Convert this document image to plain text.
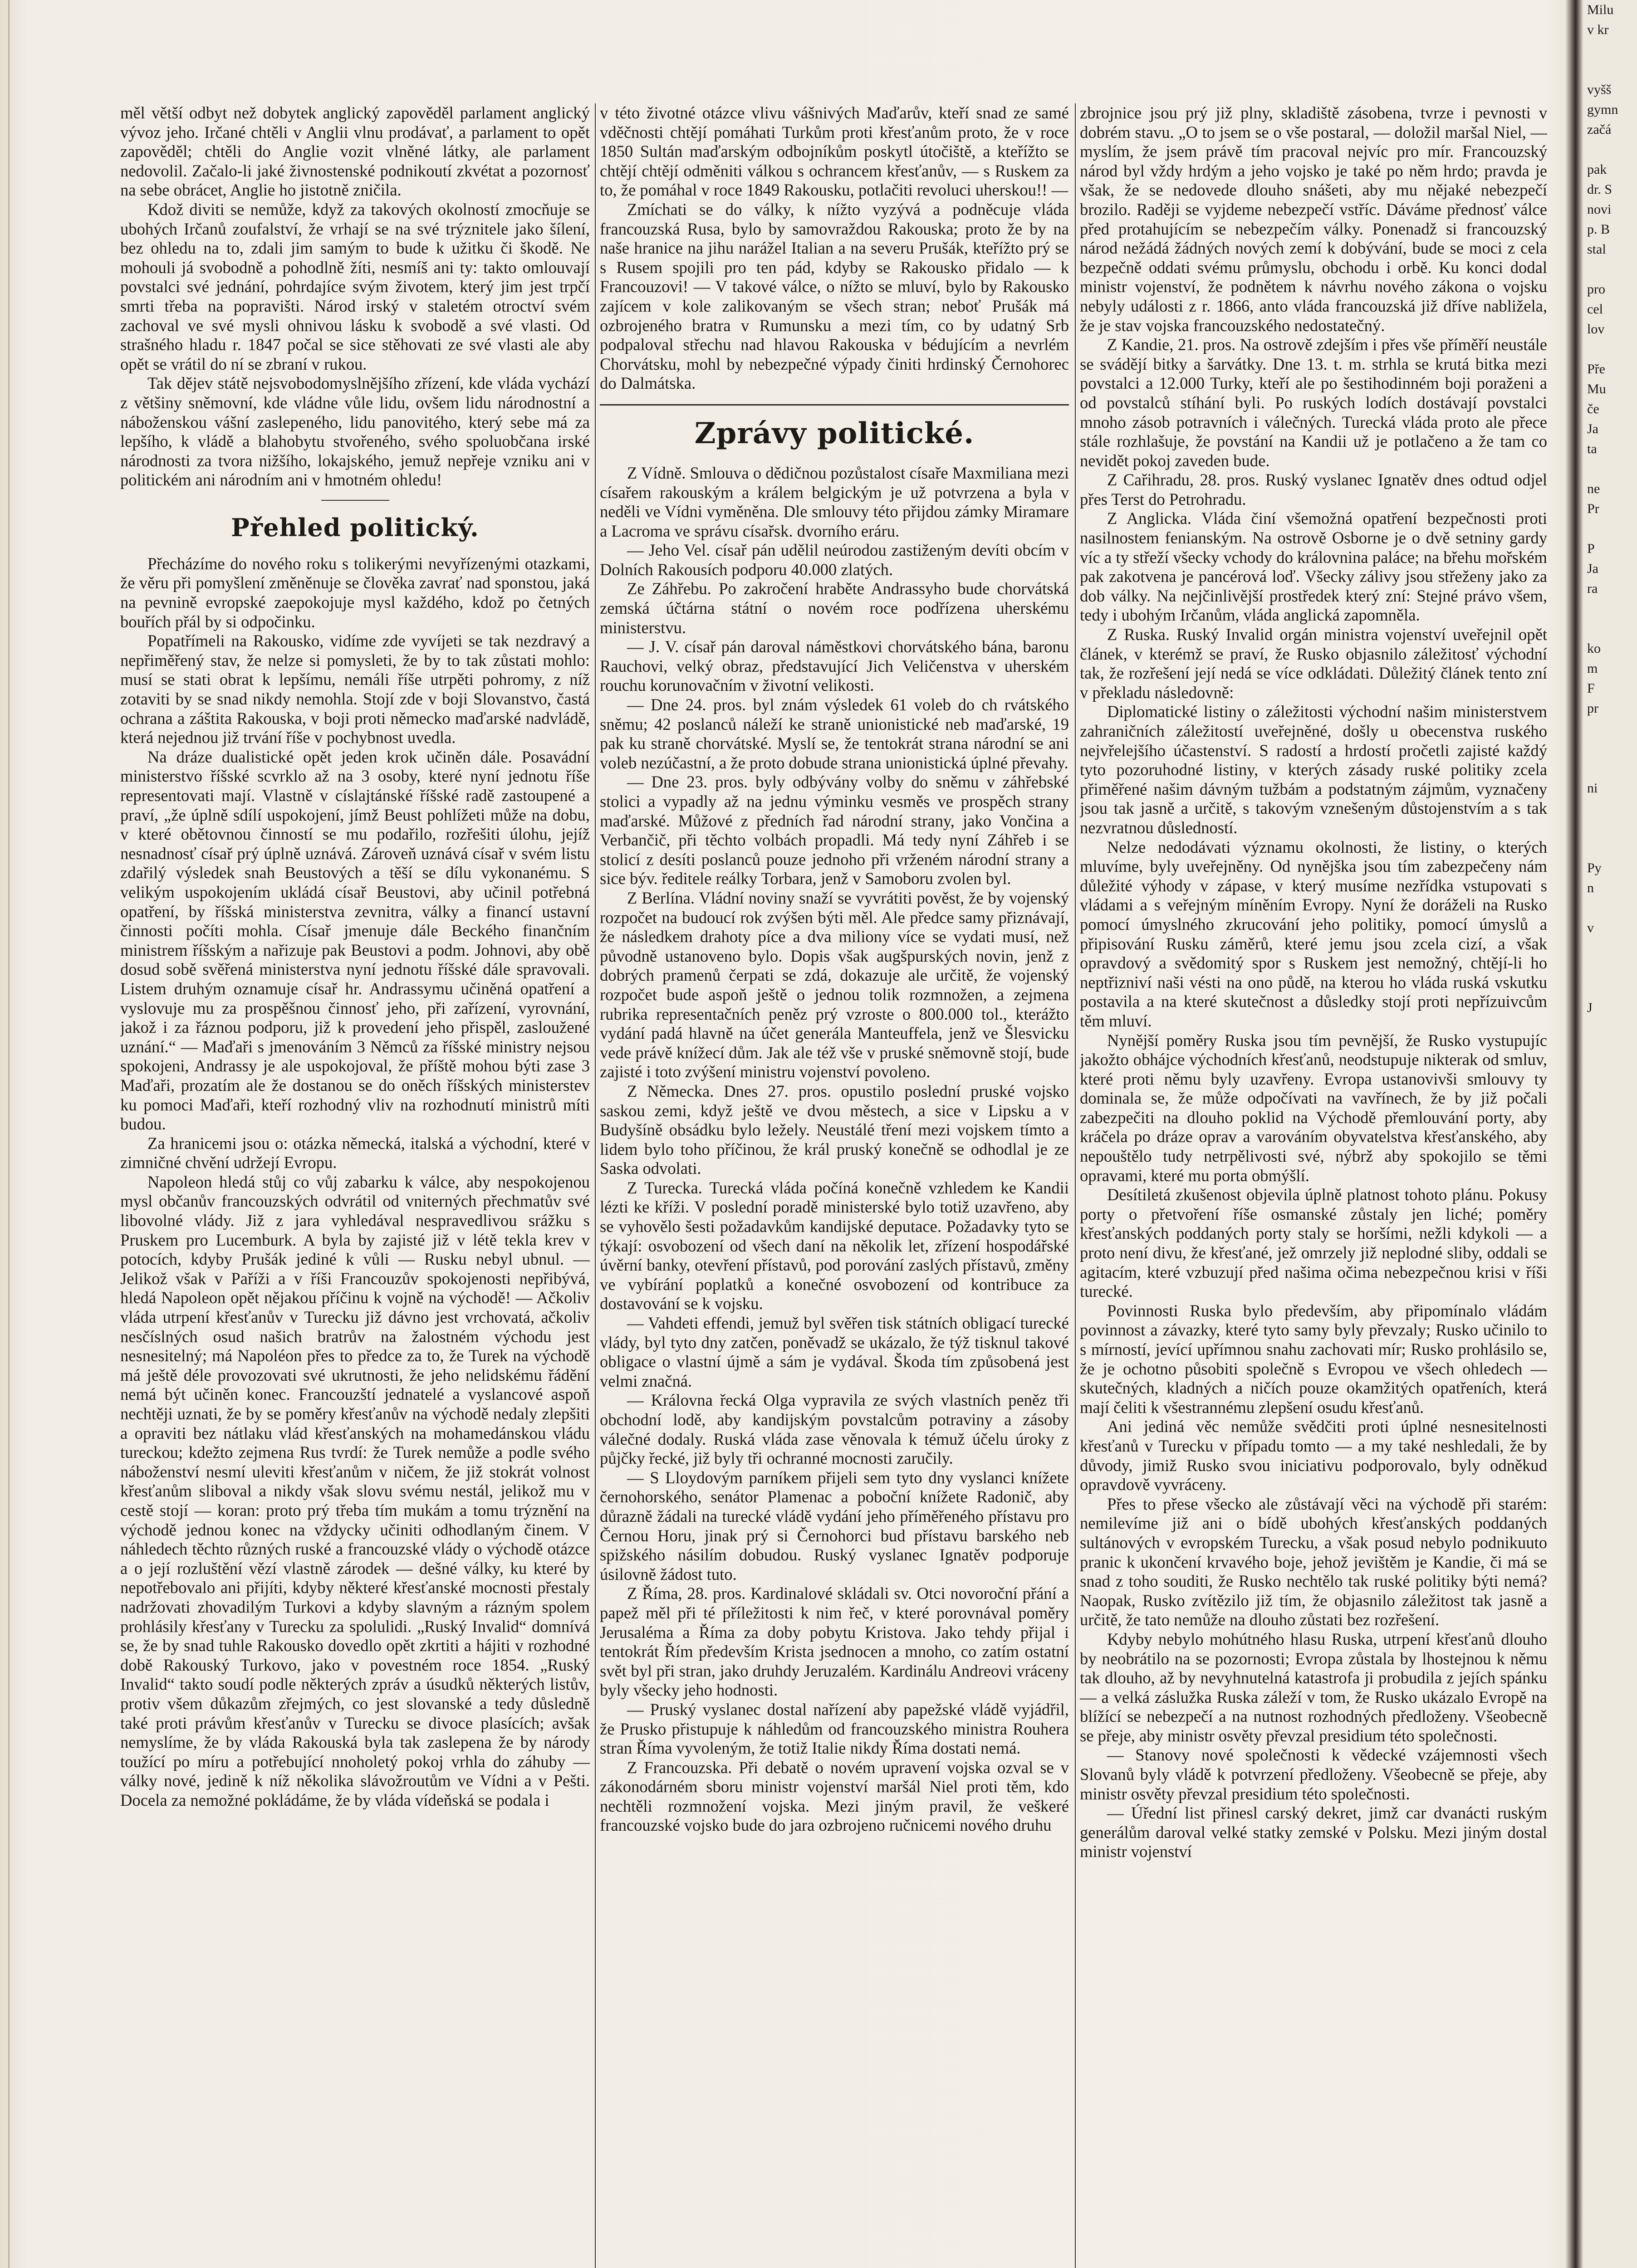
měl větší odbyt než dobytek anglický zapověděl parlament anglický vývoz jeho. Irčané chtěli v Anglii vlnu prodávať, a parlament to opět zapověděl; chtěli do Anglie vozit vlněné látky, ale parlament nedovolil. Začalo-li jaké živnostenské podnikoutí zkvétat a pozornosť na sebe obrácet, Anglie ho jistotně zničila.

Kdož diviti se nemůže, když za takových okolností zmocňuje se ubohých Irčanů zoufalství, že vrhají se na své trýznitele jako šílení, bez ohledu na to, zdali jim samým to bude k užitku či škodě. Ne mohouli já svobodně a pohodlně žíti, nesmíš ani ty: takto omlouvají povstalci své jednání, pohrdajíce svým životem, který jim jest trpčí smrti třeba na popravišti. Národ irský v staletém otroctví svém zachoval ve své mysli ohnivou lásku k svobodě a své vlasti. Od strašného hladu r. 1847 počal se sice stěhovati ze své vlasti ale aby opět se vrátil do ní se zbraní v rukou.

Tak dějev státě nejsvobodomyslnějšího zřízení, kde vláda vychází z většiny sněmovní, kde vládne vůle lidu, ovšem lidu národnostní a náboženskou vášní zaslepeného, lidu panovitého, který sebe má za lepšího, k vládě a blahobytu stvořeného, svého spoluobčana irské národnosti za tvora nižšího, lokajského, jemuž nepřeje vzniku ani v politickém ani národním ani v hmotném ohledu!

Přehled politický.

Přecházíme do nového roku s tolikerými nevyřízenými otazkami, že věru při pomyšlení změněnuje se člověka zavrať nad sponstou, jaká na pevnině evropské zaepokojuje mysl každého, kdož po četných bouřích přál by si odpočinku.

Popatřímeli na Rakousko, vidíme zde vyvíjeti se tak nezdravý a nepřiměřený stav, že nelze si pomysleti, že by to tak zůstati mohlo: musí se stati obrat k lepšímu, nemáli říše utrpěti pohromy, z níž zotaviti by se snad nikdy nemohla. Stojí zde v boji Slovanstvo, častá ochrana a záštita Rakouska, v boji proti německo maďarské nadvládě, která nejednou již trvání říše v pochybnost uvedla.

Na dráze dualistické opět jeden krok učiněn dále. Posavádní ministerstvo říšské scvrklo až na 3 osoby, které nyní jednotu říše representovati mají. Vlastně v císlajtánské říšské radě zastoupené a praví, „že úplně sdílí uspokojení, jímž Beust pohlížeti může na dobu, v které obětovnou činností se mu podařilo, rozřešiti úlohu, jejíž nesnadnosť císař prý úplně uznává. Zároveň uznává císař v svém listu zdařilý výsledek snah Beustových a těší se dílu vykonanému. S velikým uspokojením ukládá císař Beustovi, aby učinil potřebná opatření, by říšská ministerstva zevnitra, války a financí ustavní činnosti počíti mohla. Císař jmenuje dále Beckého finančním ministrem říšským a nařizuje pak Beustovi a podm. Johnovi, aby obě dosud sobě svěřená ministerstva nyní jednotu říšské dále spravovali. Listem druhým oznamuje císař hr. Andrassymu učiněná opatření a vyslovuje mu za prospěšnou činnosť jeho, při zařízení, vyrovnání, jakož i za řáznou podporu, již k provedení jeho přispěl, zasloužené uznání.“ — Maďaři s jmenováním 3 Němců za říšské ministry nejsou spokojeni, Andrassy je ale uspokojoval, že příště mohou býti zase 3 Maďaři, prozatím ale že dostanou se do oněch říšských ministerstev ku pomoci Maďaři, kteří rozhodný vliv na rozhodnutí ministrů míti budou.

Za hranicemi jsou o: otázka německá, italská a východní, které v zimničné chvění udržejí Evropu.

Napoleon hledá stůj co vůj zabarku k válce, aby nespokojenou mysl občanův francouzských odvrátil od vniterných přechmatův své libovolné vlády. Již z jara vyhledával nespravedlivou srážku s Pruskem pro Lucemburk. A byla by zajisté již v létě tekla krev v potocích, kdyby Prušák jediné k vůli — Rusku nebyl ubnul. — Jelikož však v Paříži a v říši Francouzův spokojenosti nepřibývá, hledá Napoleon opět nějakou příčinu k vojně na východě! — Ačkoliv vláda utrpení křesťanův v Turecku již dávno jest vrchovatá, ačkoliv nesčíslných osud našich bratrův na žalostném východu jest nesnesitelný; má Napoléon přes to předce za to, že Turek na východě má ještě déle provozovati své ukrutnosti, že jeho nelidskému řádění nemá být učiněn konec. Francouzští jednatelé a vyslancové aspoň nechtěji uznati, že by se poměry křesťanův na východě nedaly zlepšiti a opraviti bez nátlaku vlád křesťanských na mohamedánskou vládu tureckou; kdežto zejmena Rus tvrdí: že Turek nemůže a podle svého náboženství nesmí uleviti křesťanům v ničem, že již stokrát volnost křesťanům sliboval a nikdy však slovu svému nestál, jelikož mu v cestě stojí — koran: proto prý třeba tím mukám a tomu trýznění na východě jednou konec na vždycky učiniti odhodlaným činem. V náhledech těchto různých ruské a francouzské vlády o východě otázce a o její rozluštění vězí vlastně zárodek — dešné války, ku které by nepotřebovalo ani přijíti, kdyby některé křesťanské mocnosti přestaly nadržovati zhovadilým Turkovi a kdyby slavným a rázným spolem prohlásily křesťany v Turecku za spolulidi. „Ruský Invalid“ domnívá se, že by snad tuhle Rakousko dovedlo opět zkrtiti a hájiti v rozhodné době Rakouský Turkovo, jako v povestném roce 1854. „Ruský Invalid“ takto soudí podle některých zpráv a úsudků některých listův, protiv všem důkazům zřejmých, co jest slovanské a tedy důsledně také proti právům křesťanův v Turecku se divoce plasících; avšak nemyslíme, že by vláda Rakouská byla tak zaslepena že by národy toužící po míru a potřebující nnoholetý pokoj vrhla do záhuby — války nové, jedině k níž několika slávožroutům ve Vídni a v Pešti. Docela za nemožné pokládáme, že by vláda vídeňská se podala i

v této životné otázce vlivu vášnivých Maďarův, kteří snad ze samé vděčnosti chtějí pomáhati Turkům proti křesťanům proto, že v roce 1850 Sultán maďarským odbojníkům poskytl útočiště, a kteřížto se chtějí chtějí odměniti válkou s ochrancem křesťanův, — s Ruskem za to, že pomáhal v roce 1849 Rakousku, potlačiti revoluci uherskou!! —

Zmíchati se do války, k nížto vyzývá a podněcuje vláda francouzská Rusa, bylo by samovraždou Rakouska; proto že by na naše hranice na jihu narážel Italian a na severu Prušák, kteřížto prý se s Rusem spojili pro ten pád, kdyby se Rakousko přidalo — k Francouzovi! — V takové válce, o nížto se mluví, bylo by Rakousko zajícem v kole zalikovaným se všech stran; neboť Prušák má ozbrojeného bratra v Rumunsku a mezi tím, co by udatný Srb podpaloval střechu nad hlavou Rakouska v bédujícím a nevrlém Chorvátsku, mohl by nebezpečné výpady činiti hrdinský Černohorec do Dalmátska.

Zprávy politické.

Z Vídně. Smlouva o dědičnou pozůstalost císaře Maxmiliana mezi císařem rakouským a králem belgickým je už potvrzena a byla v neděli ve Vídni vyměněna. Dle smlouvy této přijdou zámky Miramare a Lacroma ve správu císařsk. dvorního eráru.

— Jeho Vel. císař pán udělil neúrodou zastiženým devíti obcím v Dolních Rakousích podporu 40.000 zlatých.

Ze Záhřebu. Po zakročení hraběte Andrassyho bude chorvátská zemská účtárna státní o novém roce podřízena uherskému ministerstvu.

— J. V. císař pán daroval náměstkovi chorvátského bána, baronu Rauchovi, velký obraz, představující Jich Veličenstva v uherském rouchu korunovačním v životní velikosti.

— Dne 24. pros. byl znám výsledek 61 voleb do ch rvátského sněmu; 42 poslanců náleží ke straně unionistické neb maďarské, 19 pak ku straně chorvátské. Myslí se, že tentokrát strana národní se ani voleb nezúčastní, a že proto dobude strana unionistická úplné převahy.

— Dne 23. pros. byly odbývány volby do sněmu v záhřebské stolici a vypadly až na jednu výminku vesměs ve prospěch strany maďarské. Můžové z předních řad národní strany, jako Vončina a Verbančič, při těchto volbách propadli. Má tedy nyní Záhřeb i se stolicí z desíti poslanců pouze jednoho při vrženém národní strany a sice býv. ředitele reálky Torbara, jenž v Samoboru zvolen byl.

Z Berlína. Vládní noviny snaží se vyvrátiti pověst, že by vojenský rozpočet na budoucí rok zvýšen býti měl. Ale předce samy přiznávají, že následkem drahoty píce a dva miliony více se vydati musí, než původně ustanoveno bylo. Dopis však augšpurských novin, jenž z dobrých pramenů čerpati se zdá, dokazuje ale určitě, že vojenský rozpočet bude aspoň ještě o jednou tolik rozmnožen, a zejmena rubrika representačních peněz prý vzroste o 800.000 tol., kterážto vydání padá hlavně na účet generála Manteuffela, jenž ve Šlesvicku vede právě knížecí dům. Jak ale též vše v pruské sněmovně stojí, bude zajisté i toto zvýšení ministru vojenství povoleno.

Z Německa. Dnes 27. pros. opustilo poslední pruské vojsko saskou zemi, když ještě ve dvou městech, a sice v Lipsku a v Budyšíně obsádku bylo ležely. Neustálé tření mezi vojskem tímto a lidem bylo toho příčinou, že král pruský konečně se odhodlal je ze Saska odvolati.

Z Turecka. Turecká vláda počíná konečně vzhledem ke Kandii lézti ke kříži. V poslední poradě ministerské bylo totiž uzavřeno, aby se vyhovělo šesti požadavkům kandijské deputace. Požadavky tyto se týkají: osvobození od všech daní na několik let, zřízení hospodářské úvěrní banky, otevření přístavů, pod porování zaslých přístavů, změny ve vybírání poplatků a konečné osvobození od kontribuce za dostavování se k vojsku.

— Vahdeti effendi, jemuž byl svěřen tisk státních obligací turecké vlády, byl tyto dny zatčen, poněvadž se ukázalo, že týž tisknul takové obligace o vlastní újmě a sám je vydával. Škoda tím způsobená jest velmi značná.

— Královna řecká Olga vypravila ze svých vlastních peněz tři obchodní lodě, aby kandijským povstalcům potraviny a zásoby válečné dodaly. Ruská vláda zase věnovala k témuž účelu úroky z půjčky řecké, již byly tři ochranné mocnosti zaručily.

— S Lloydovým parníkem přijeli sem tyto dny vyslanci knížete černohorského, senátor Plamenac a poboční knížete Radonič, aby důrazně žádali na turecké vládě vydání jeho příměřeného přístavu pro Černou Horu, jinak prý si Černohorci bud přístavu barského neb spižského násilím dobudou. Ruský vyslanec Ignatěv podporuje úsilovně žádost tuto.

Z Říma, 28. pros. Kardinalové skládali sv. Otci novoroční přání a papež měl při té příležitosti k nim řeč, v které porovnával poměry Jerusaléma a Říma za doby pobytu Kristova. Jako tehdy přijal i tentokrát Řím především Krista jsednocen a mnoho, co zatím ostatní svět byl při stran, jako druhdy Jeruzalém. Kardinálu Andreovi vráceny byly všecky jeho hodnosti.

— Pruský vyslanec dostal nařízení aby papežské vládě vyjádřil, že Prusko přistupuje k náhledům od francouzského ministra Rouhera stran Říma vyvoleným, že totiž Italie nikdy Říma dostati nemá.

Z Francouzska. Při debatě o novém upravení vojska ozval se v zákonodárném sboru ministr vojenství maršál Niel proti těm, kdo nechtěli rozmnožení vojska. Mezi jiným pravil, že veškeré francouzské vojsko bude do jara ozbrojeno ručnicemi nového druhu

zbrojnice jsou prý již plny, skladiště zásobena, tvrze i pevnosti v dobrém stavu. „O to jsem se o vše postaral, — doložil maršal Niel, — myslím, že jsem právě tím pracoval nejvíc pro mír. Francouzský národ byl vždy hrdým a jeho vojsko je také po něm hrdo; pravda je však, že se nedovede dlouho snášeti, aby mu nějaké nebezpečí brozilo. Raději se vyjdeme nebezpečí vstříc. Dáváme přednosť válce před protahujícím se nebezpečím války. Ponenadž si francouzský národ nežádá žádných nových zemí k dobývání, bude se moci z cela bezpečně oddati svému průmyslu, obchodu i orbě. Ku konci dodal ministr vojenství, že podnětem k návrhu nového zákona o vojsku nebyly události z r. 1866, anto vláda francouzská již dříve nabližela, že je stav vojska francouzského nedostatečný.

Z Kandie, 21. pros. Na ostrově zdejším i přes vše příměří neustále se svádějí bitky a šarvátky. Dne 13. t. m. strhla se krutá bitka mezi povstalci a 12.000 Turky, kteří ale po šestihodinném boji poraženi a od povstalců stíhání byli. Po ruských lodích dostávají povstalci mnoho zásob potravních i válečných. Turecká vláda proto ale přece stále rozhlašuje, že povstání na Kandii už je potlačeno a že tam co nevidět pokoj zaveden bude.

Z Cařihradu, 28. pros. Ruský vyslanec Ignatěv dnes odtud odjel přes Terst do Petrohradu.

Z Anglicka. Vláda činí všemožná opatření bezpečnosti proti nasilnostem fenianským. Na ostrově Osborne je o dvě setniny gardy víc a ty střeží všecky vchody do královnina paláce; na břehu mořském pak zakotvena je pancérová loď. Všecky zálivy jsou střeženy jako za dob války. Na nejčinlivější prostředek který zní: Stejné právo všem, tedy i ubohým Irčanům, vláda anglická zapomněla.

Z Ruska. Ruský Invalid orgán ministra vojenství uveřejnil opět článek, v kterémž se praví, že Rusko objasnilo záležitosť východní tak, že rozřešení její nedá se více odkládati. Důležitý článek tento zní v překladu následovně:

Diplomatické listiny o záležitosti východní našim ministerstvem zahraničních záležitostí uveřejněné, došly u obecenstva ruského nejvřelejšího účastenství. S radostí a hrdostí pročetli zajisté každý tyto pozoruhodné listiny, v kterých zásady ruské politiky zcela přiměřené našim dávným tužbám a podstatným zájmům, vyznačeny jsou tak jasně a určitě, s takovým vznešeným důstojenstvím a s tak nezvratnou důsledností.

Nelze nedodávati významu okolnosti, že listiny, o kterých mluvíme, byly uveřejněny. Od nynějška jsou tím zabezpečeny nám důležité výhody v zápase, v který musíme nezřídka vstupovati s vládami a s veřejným míněním Evropy. Nyní že doráželi na Rusko pomocí úmyslného zkrucování jeho politiky, pomocí úmyslů a připisování Rusku záměrů, které jemu jsou zcela cizí, a však opravdový a svědomitý spor s Ruskem jest nemožný, chtějí-li ho neptřizniví naši vésti na ono půdě, na kterou ho vláda ruská vskutku postavila a na které skutečnost a důsledky stojí proti nepřízuivcům těm mluví.

Nynější poměry Ruska jsou tím pevnější, že Rusko vystupujíc jakožto obhájce východních křesťanů, neodstupuje nikterak od smluv, které proti němu byly uzavřeny. Evropa ustanovivši smlouvy ty dominala se, že může odpočívati na vavřínech, že by již počali zabezpečiti na dlouho poklid na Východě přemlouvání porty, aby kráčela po dráze oprav a varováním obyvatelstva křesťanského, aby nepouštělo tudy netrpělivosti své, nýbrž aby spokojilo se těmi opravami, které mu porta obmýšlí.

Desítiletá zkušenost objevila úplně platnost tohoto plánu. Pokusy porty o přetvoření říše osmanské zůstaly jen liché; poměry křesťanských poddaných porty staly se horšími, nežli kdykoli — a proto není divu, že křesťané, jež omrzely již neplodné sliby, oddali se agitacím, které vzbuzují před našima očima nebezpečnou krisi v říši turecké.

Povinnosti Ruska bylo především, aby připomínalo vládám povinnost a závazky, které tyto samy byly převzaly; Rusko učinilo to s mírností, jevící upřímnou snahu zachovati mír; Rusko prohlásilo se, že je ochotno působiti společně s Evropou ve všech ohledech — skutečných, kladných a ničích pouze okamžitých opatřeních, která mají čeliti k všestrannému zlepšení osudu křesťanů.

Ani jediná věc nemůže svědčiti proti úplné nesnesitelnosti křesťanů v Turecku v případu tomto — a my také neshledali, že by důvody, jimiž Rusko svou iniciativu podporovalo, byly odněkud opravdově vyvráceny.

Přes to přese všecko ale zůstávají věci na východě při starém: nemilevíme již ani o bídě ubohých křesťanských poddaných sultánových v evropském Turecku, a však posud nebylo podnikuuto pranic k ukončení krvavého boje, jehož jevištěm je Kandie, či má se snad z toho souditi, že Rusko nechtělo tak ruské politiky býti nemá? Naopak, Rusko zvítězilo již tím, že objasnilo záležitost tak jasně a určitě, že tato nemůže na dlouho zůstati bez rozřešení.

Kdyby nebylo mohútného hlasu Ruska, utrpení křesťanů dlouho by neobrátilo na se pozornosti; Evropa zůstala by lhostejnou k němu tak dlouho, až by nevyhnutelná katastrofa ji probudila z jejích spánku — a velká záslužka Ruska záleží v tom, že Rusko ukázalo Evropě na blížící se nebezpečí a na nutnost rozhodných předloženy. Všeobecně se přeje, aby ministr osvěty převzal presidium této společnosti.

— Stanovy nové společnosti k vědecké vzájemnosti všech Slovanů byly vládě k potvrzení předloženy. Všeobecně se přeje, aby ministr osvěty převzal presidium této společnosti.

— Úřední list přinesl carský dekret, jimž car dvanácti ruským generálům daroval velké statky zemské v Polsku. Mezi jiným dostal ministr vojenství

Milu
v kr

vyšš
gymn
začá

pak
dr. S
novi
p. B
stal

pro
cel
lov

Pře
Mu
če
Ja
ta

ne
Pr

P
Ja
ra

ko
m
F
pr

ni

Py
n

v

J
